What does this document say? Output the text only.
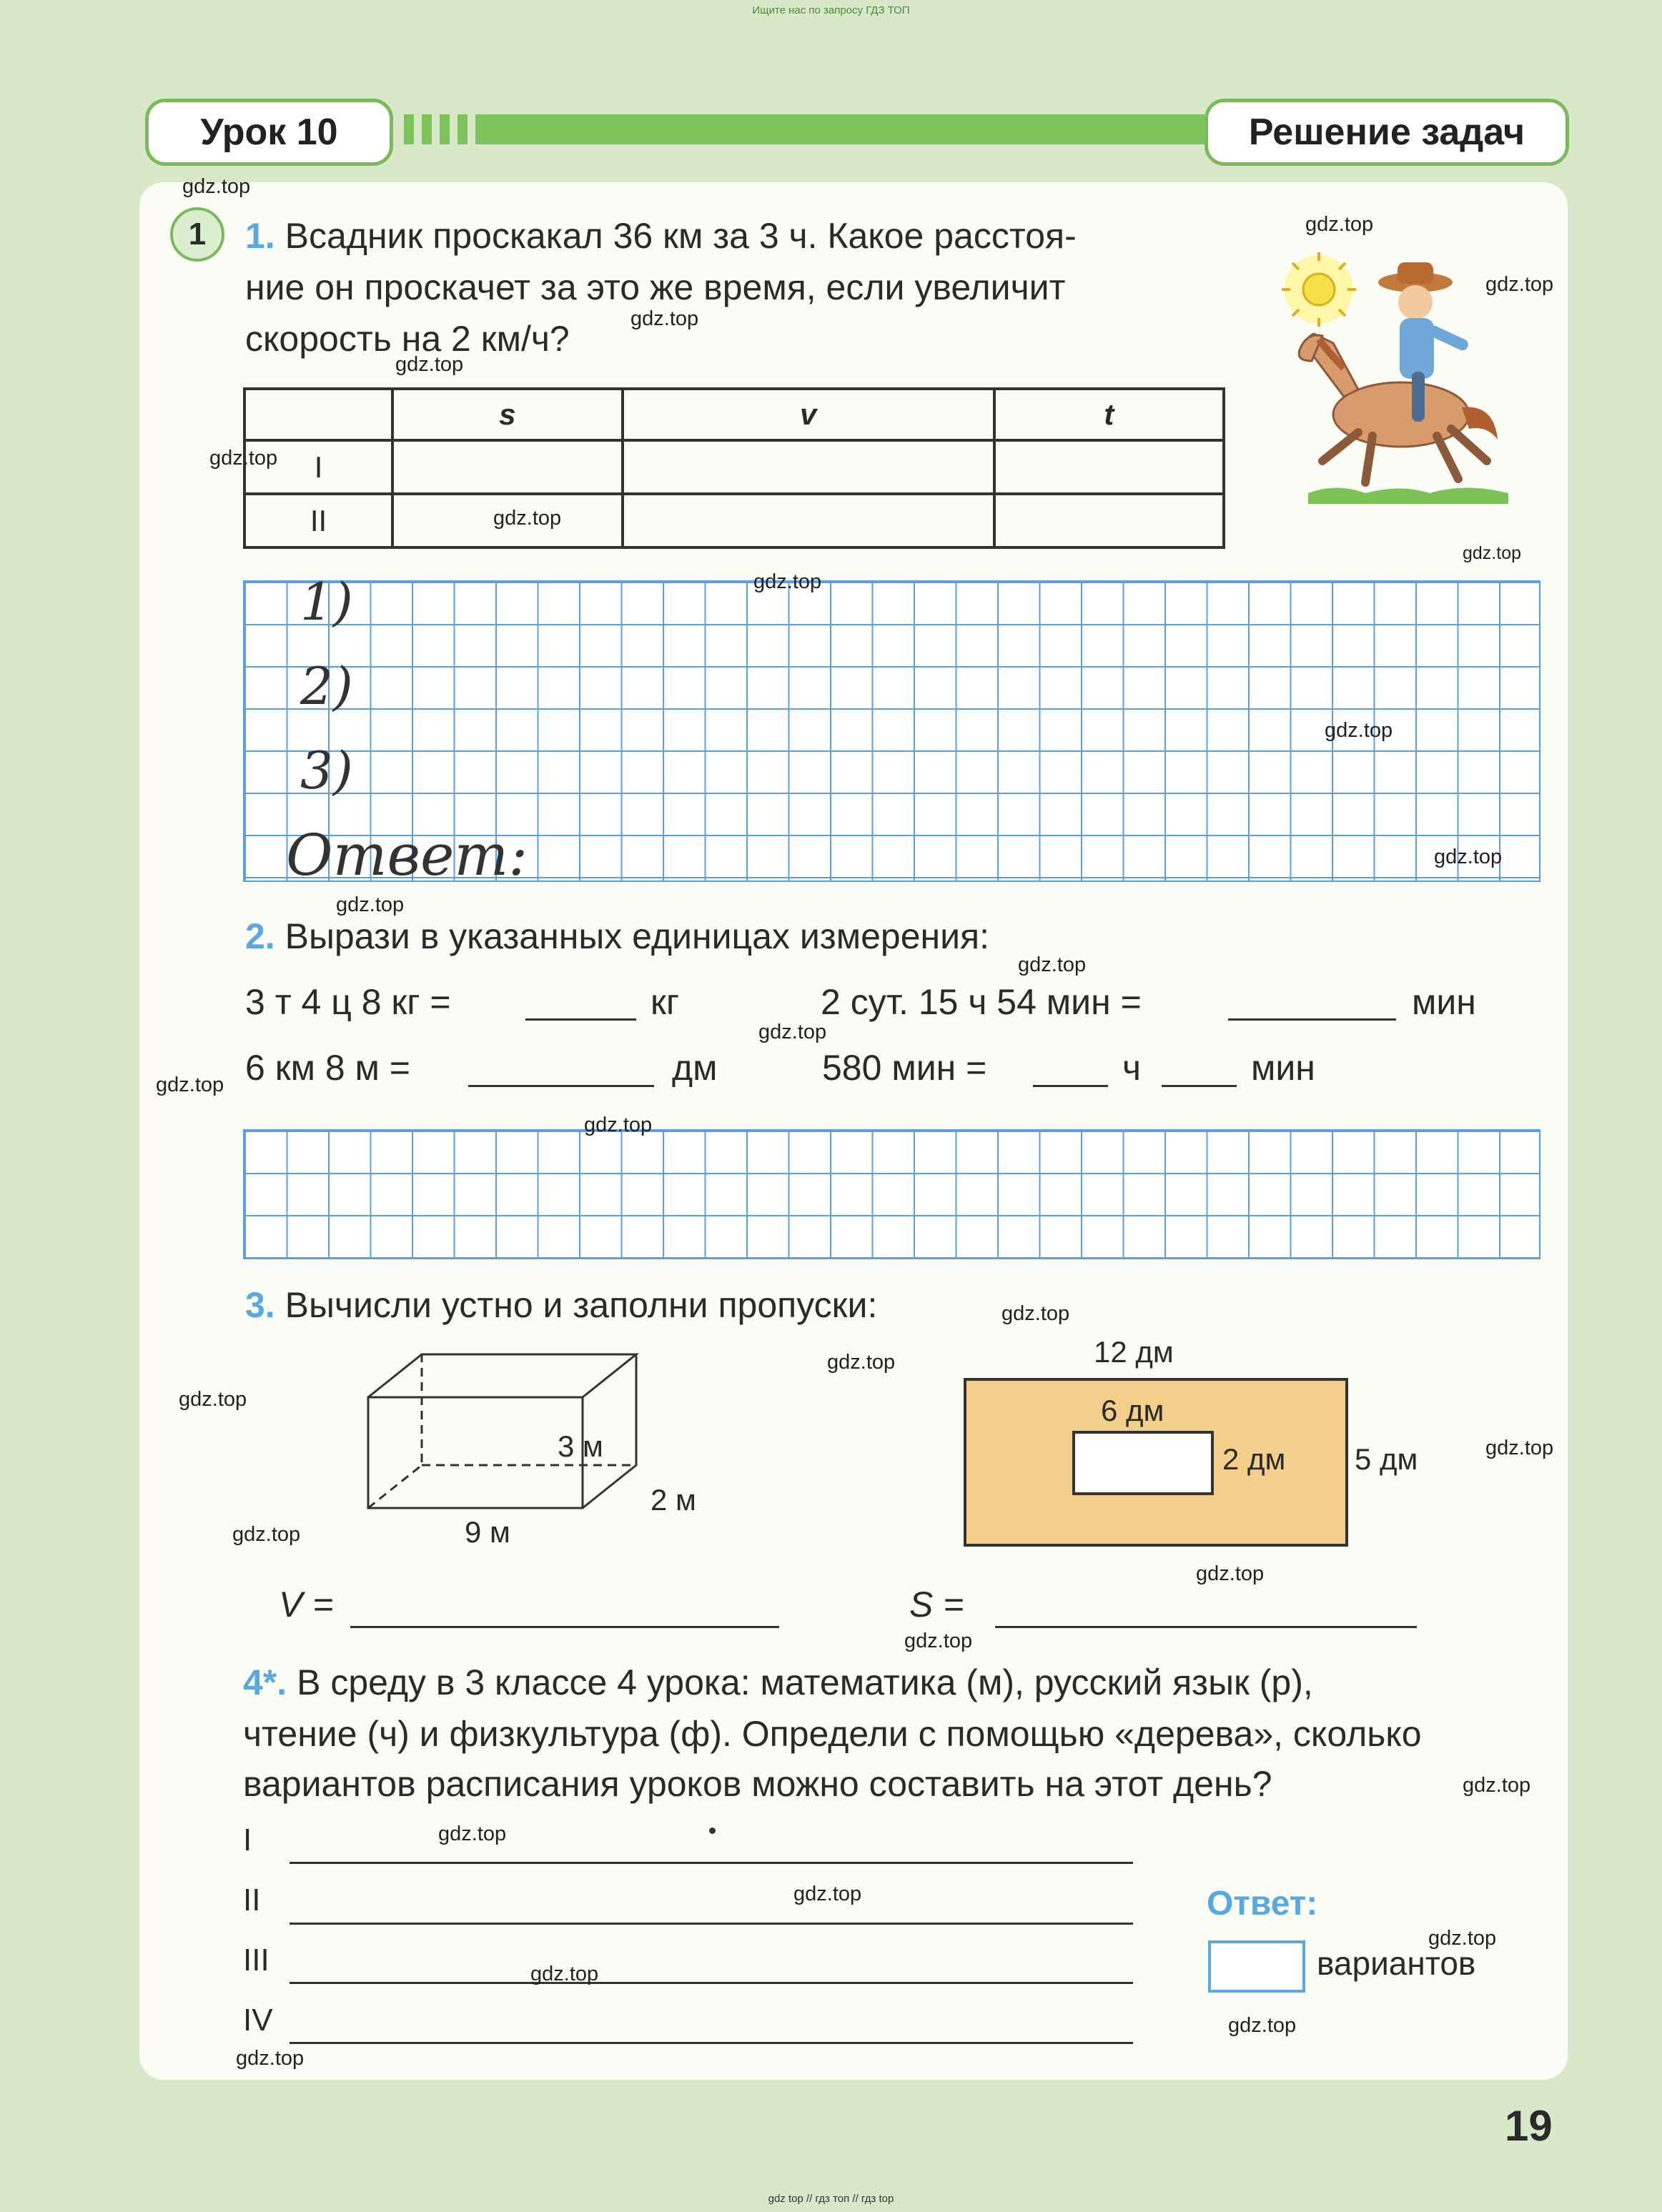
Ищите нас по запросу ГДЗ ТОП
Урок 10	Решение задач
1	1. Всадник проскакал 36 км за 3 ч. Какое расстоя-
ние он проскачет за это же время, если увеличит
скорость на 2 км/ч?
	s	v	t
I			
II			
1)
2)
3)
Ответ:
2. Вырази в указанных единицах измерения:
3 т 4 ц 8 кг =	кг	2 сут. 15 ч 54 мин =	мин
6 км 8 м =	дм	580 мин =	ч	мин
3. Вычисли устно и заполни пропуски:
3 м
2 м
9 м
12 дм
6 дм
2 дм 5 дм
V =	S =
4*. В среду в 3 классе 4 урока: математика (м), русский язык (р),
чтение (ч) и физкультура (ф). Определи с помощью «дерева», сколько
вариантов расписания уроков можно составить на этот день?
I
II
III
IV
Ответ:
вариантов
19
gdz.top
gdz.top
gdz.top
gdz.top
gdz.top
gdz.top
gdz.top
gdz.top
gdz.top
gdz.top
gdz.top
gdz.top
gdz.top
gdz.top
gdz.top
gdz.top
gdz.top
gdz.top
gdz.top
gdz.top
gdz.top
gdz.top
gdz.top
gdz.top
gdz.top
gdz.top
gdz.top
gdz.top
gdz.top
gdz.top
gdz top // гдз топ // гдз top
